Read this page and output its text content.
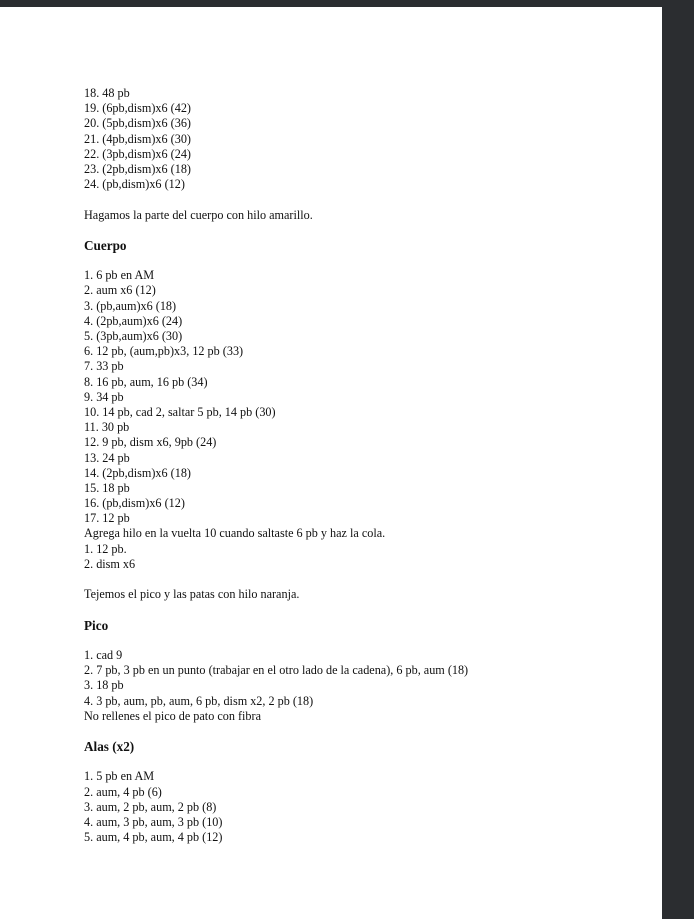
18. 48 pb
19. (6pb,dism)x6 (42)
20. (5pb,dism)x6 (36)
21. (4pb,dism)x6 (30)
22. (3pb,dism)x6 (24)
23. (2pb,dism)x6 (18)
24. (pb,dism)x6 (12)
Hagamos la parte del cuerpo con hilo amarillo.
Cuerpo
1. 6 pb en AM
2. aum x6 (12)
3. (pb,aum)x6 (18)
4. (2pb,aum)x6 (24)
5. (3pb,aum)x6 (30)
6. 12 pb, (aum,pb)x3, 12 pb (33)
7. 33 pb
8. 16 pb, aum, 16 pb (34)
9. 34 pb
10. 14 pb, cad 2, saltar 5 pb, 14 pb (30)
11. 30 pb
12. 9 pb, dism x6, 9pb (24)
13. 24 pb
14. (2pb,dism)x6 (18)
15. 18 pb
16. (pb,dism)x6 (12)
17. 12 pb
Agrega hilo en la vuelta 10 cuando saltaste 6 pb y haz la cola.
1. 12 pb.
2. dism x6
Tejemos el pico y las patas con hilo naranja.
Pico
1. cad 9
2. 7 pb, 3 pb en un punto (trabajar en el otro lado de la cadena), 6 pb, aum (18)
3. 18 pb
4. 3 pb, aum, pb, aum, 6 pb, dism x2, 2 pb (18)
No rellenes el pico de pato con fibra
Alas (x2)
1. 5 pb en AM
2. aum, 4 pb (6)
3. aum, 2 pb, aum, 2 pb (8)
4. aum, 3 pb, aum, 3 pb (10)
5. aum, 4 pb, aum, 4 pb (12)
